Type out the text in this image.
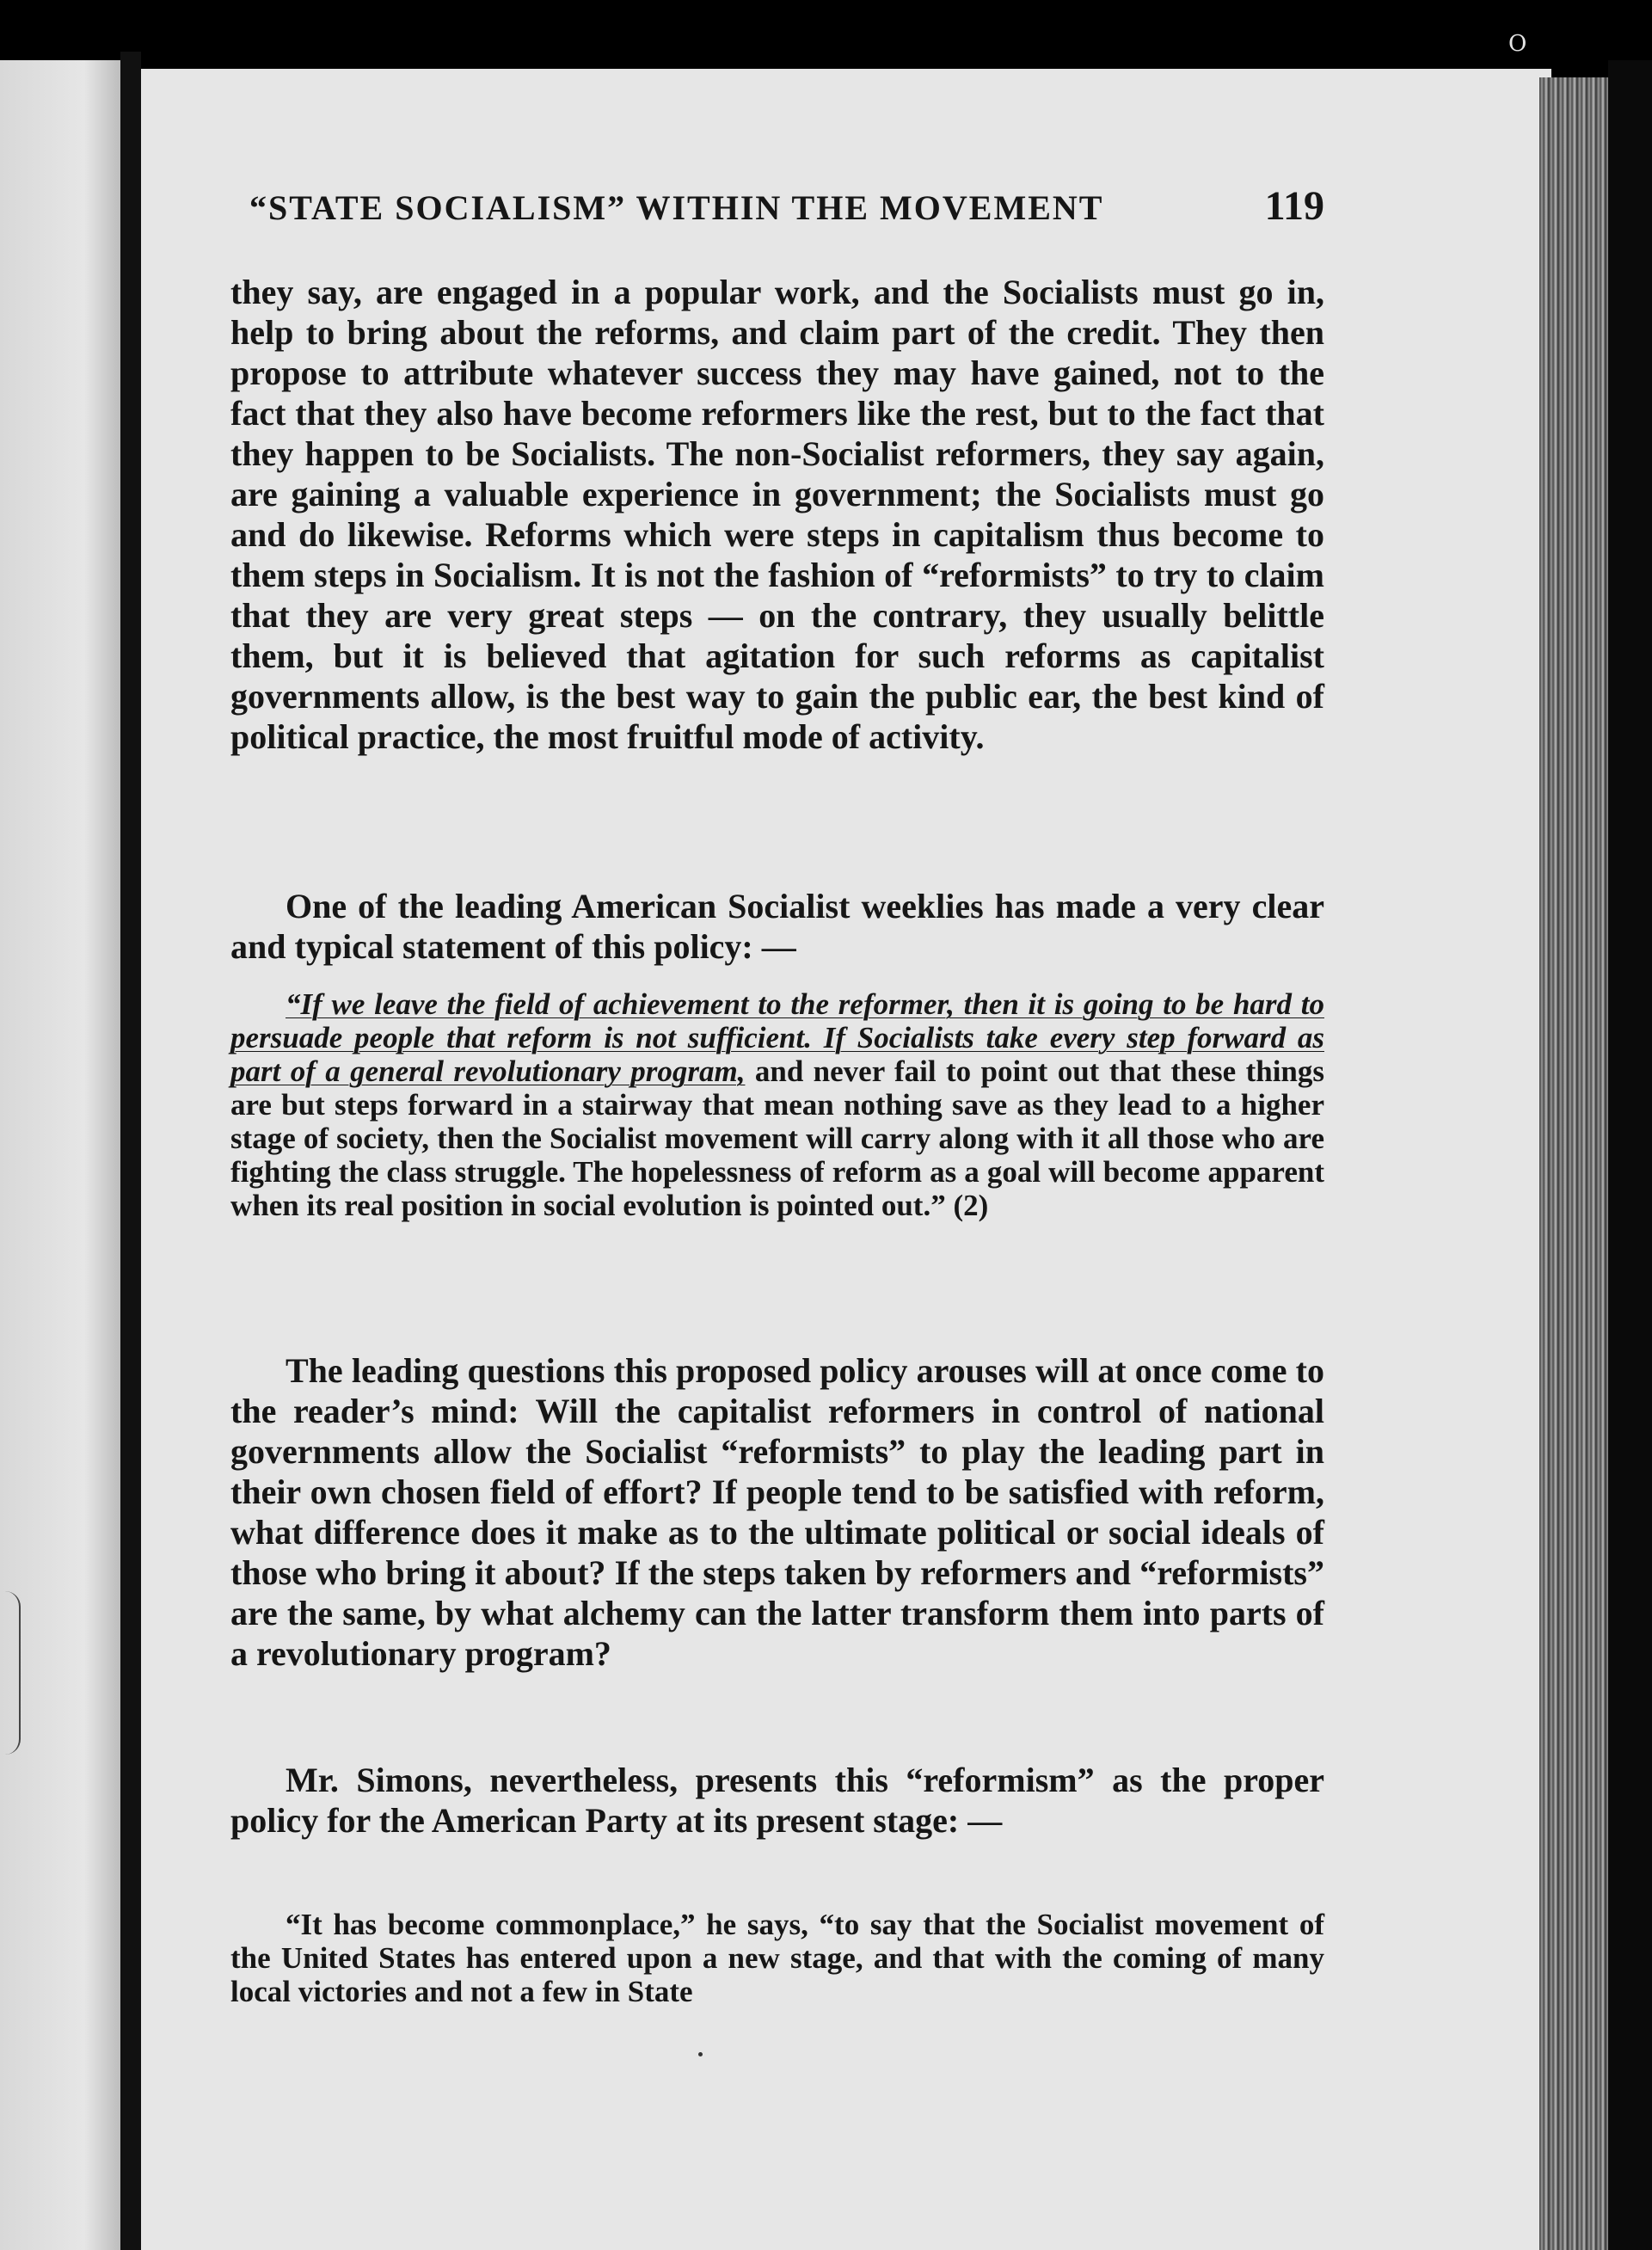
O
“STATE SOCIALISM” WITHIN THE MOVEMENT	119

they say, are engaged in a popular work, and the Socialists must go in, help to bring about the reforms, and claim part of the credit. They then propose to attribute whatever success they may have gained, not to the fact that they also have become reformers like the rest, but to the fact that they happen to be Socialists. The non-Socialist reformers, they say again, are gaining a valuable experience in government; the Socialists must go and do likewise. Reforms which were steps in capitalism thus become to them steps in Socialism. It is not the fashion of “reformists” to try to claim that they are very great steps — on the contrary, they usually belittle them, but it is believed that agitation for such reforms as capitalist governments allow, is the best way to gain the public ear, the best kind of political practice, the most fruitful mode of activity.

One of the leading American Socialist weeklies has made a very clear and typical statement of this policy: —

“If we leave the field of achievement to the reformer, then it is going to be hard to persuade people that reform is not sufficient. If Socialists take every step forward as part of a general revolutionary program, and never fail to point out that these things are but steps forward in a stairway that mean nothing save as they lead to a higher stage of society, then the Socialist movement will carry along with it all those who are fighting the class struggle. The hopelessness of reform as a goal will become apparent when its real position in social evolution is pointed out.” (2)

The leading questions this proposed policy arouses will at once come to the reader’s mind: Will the capitalist reformers in control of national governments allow the Socialist “reformists” to play the leading part in their own chosen field of effort? If people tend to be satisfied with reform, what difference does it make as to the ultimate political or social ideals of those who bring it about? If the steps taken by reformers and “reformists” are the same, by what alchemy can the latter transform them into parts of a revolutionary program?

Mr. Simons, nevertheless, presents this “reformism” as the proper policy for the American Party at its present stage: —

“It has become commonplace,” he says, “to say that the Socialist movement of the United States has entered upon a new stage, and that with the coming of many local victories and not a few in State
